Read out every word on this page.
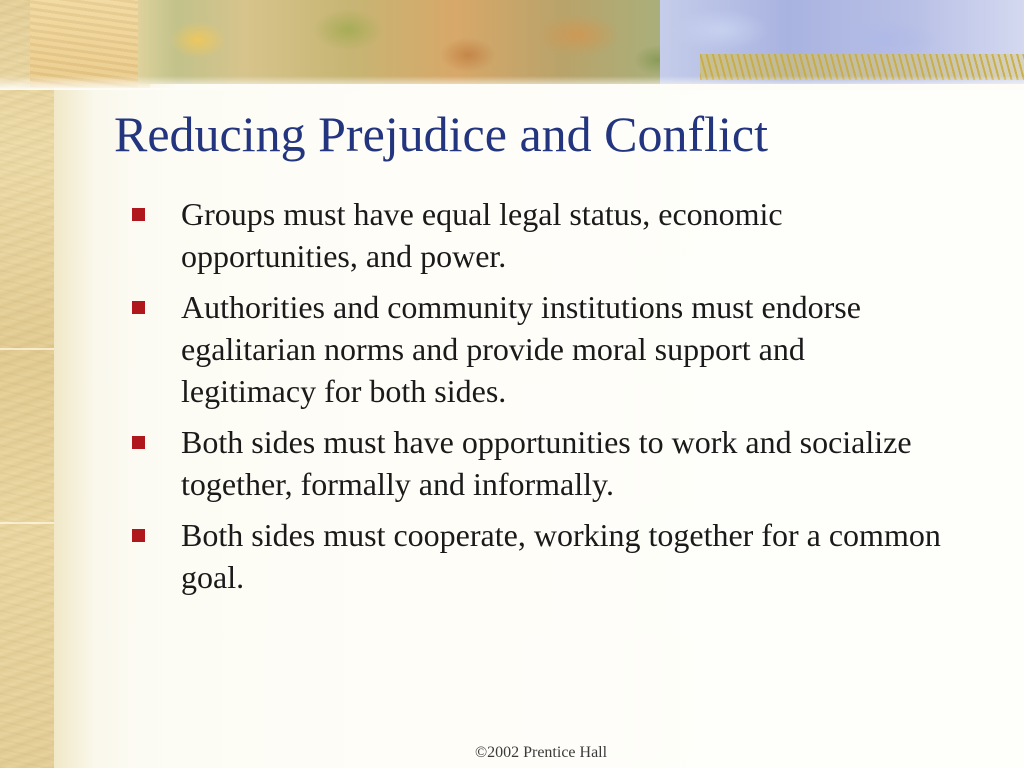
Reducing Prejudice and Conflict
Groups must have equal legal status, economic opportunities, and power.
Authorities and community institutions must endorse egalitarian norms and provide moral support and legitimacy for both sides.
Both sides must have opportunities to work and socialize together, formally and informally.
Both sides must cooperate, working together for a common goal.
©2002 Prentice Hall
